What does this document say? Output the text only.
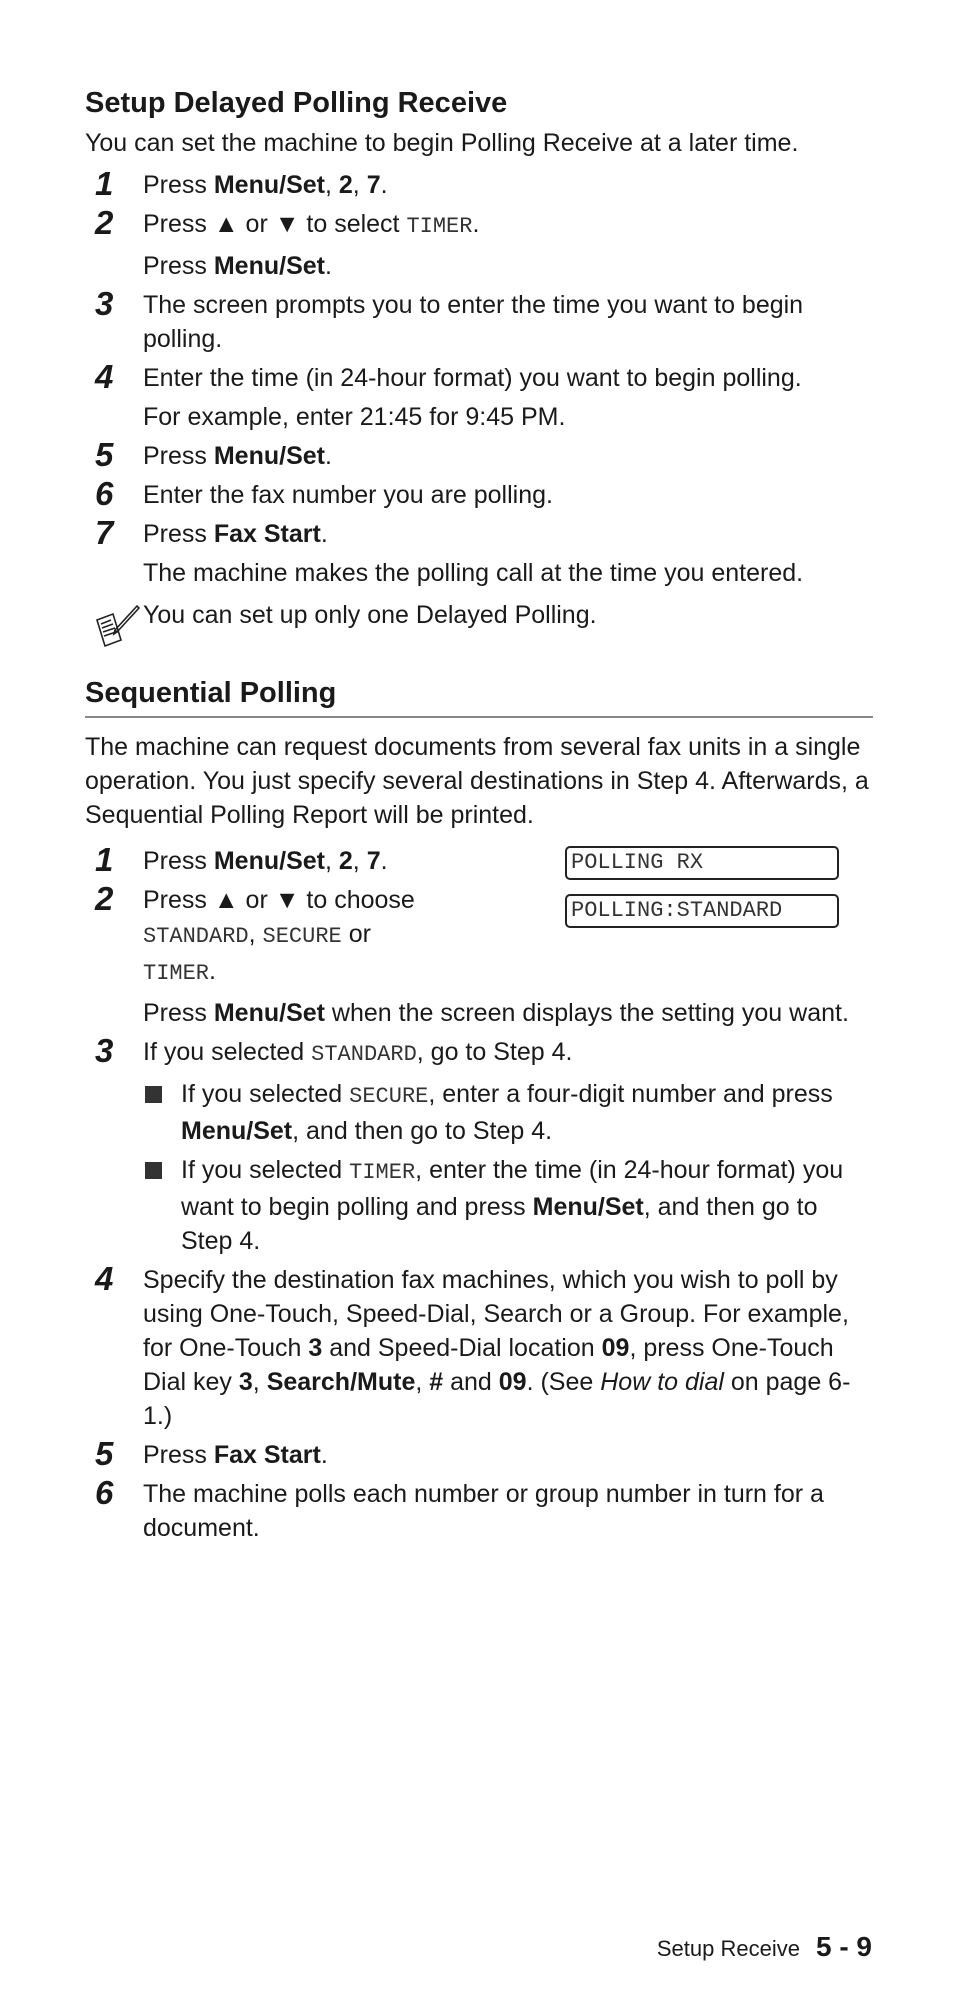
Setup Delayed Polling Receive

You can set the machine to begin Polling Receive at a later time.

1 Press Menu/Set, 2, 7.
2 Press ▲ or ▼ to select TIMER.
Press Menu/Set.
3 The screen prompts you to enter the time you want to begin polling.
4 Enter the time (in 24-hour format) you want to begin polling.
For example, enter 21:45 for 9:45 PM.
5 Press Menu/Set.
6 Enter the fax number you are polling.
7 Press Fax Start.
The machine makes the polling call at the time you entered.
You can set up only one Delayed Polling.
Sequential Polling

The machine can request documents from several fax units in a single operation. You just specify several destinations in Step 4. Afterwards, a Sequential Polling Report will be printed.

POLLING RX
POLLING:STANDARD
1 Press Menu/Set, 2, 7.
2 Press ▲ or ▼ to choose
STANDARD, SECURE or
TIMER.
Press Menu/Set when the screen displays the setting you want.
3 If you selected STANDARD, go to Step 4.
If you selected SECURE, enter a four-digit number and press Menu/Set, and then go to Step 4.
If you selected TIMER, enter the time (in 24-hour format) you want to begin polling and press Menu/Set, and then go to Step 4.
4 Specify the destination fax machines, which you wish to poll by using One-Touch, Speed-Dial, Search or a Group. For example, for One-Touch 3 and Speed-Dial location 09, press One-Touch Dial key 3, Search/Mute, # and 09. (See How to dial on page 6-1.)
5 Press Fax Start.
6 The machine polls each number or group number in turn for a document.
Setup Receive 5 - 9
